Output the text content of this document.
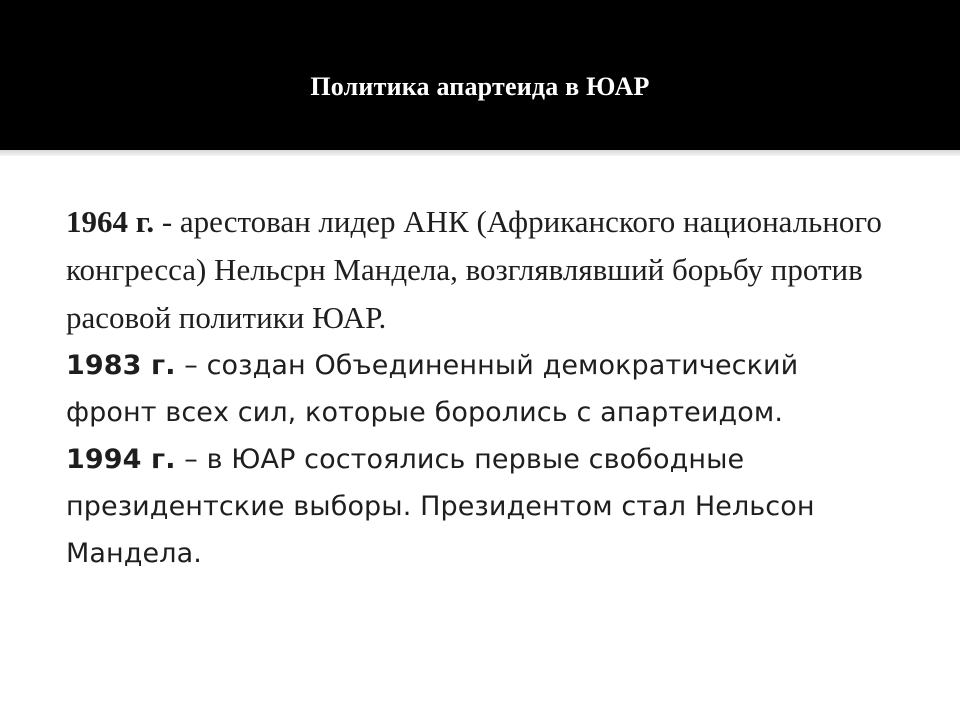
Политика апартеида в ЮАР

1964 г. - арестован лидер АНК (Африканского национального конгресса) Нельсрн Мандела, возглявлявший борьбу против расовой политики ЮАР.

1983 г. – создан Объединенный демократический фронт всех сил, которые боролись с апартеидом.

1994 г. – в ЮАР состоялись первые свободные президентские выборы. Президентом стал Нельсон Мандела.
